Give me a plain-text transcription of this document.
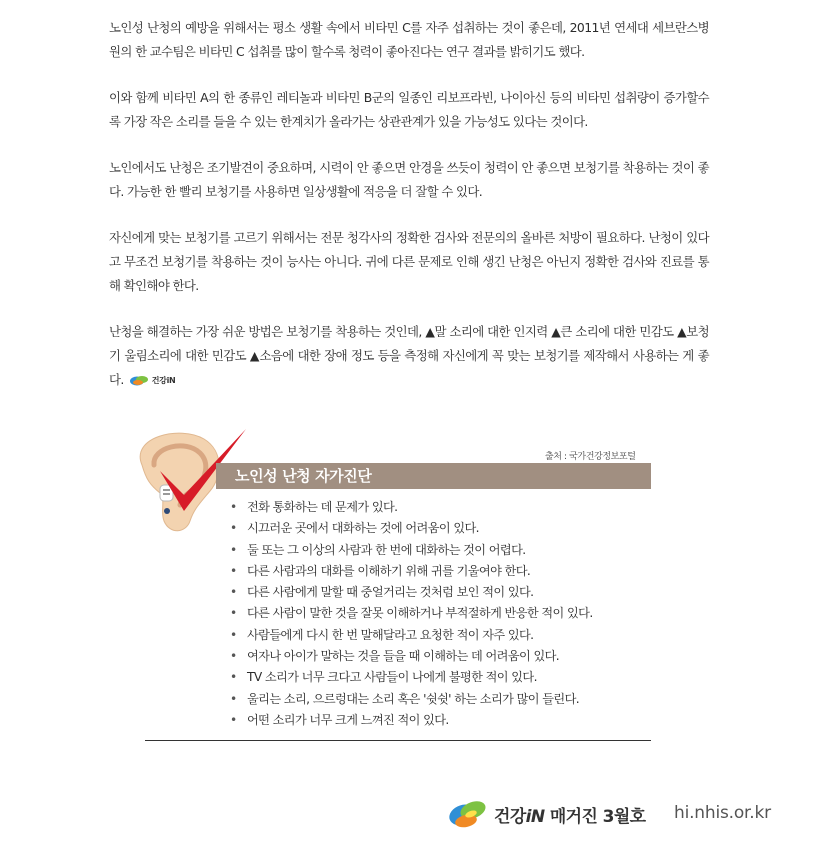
노인성 난청의 예방을 위해서는 평소 생활 속에서 비타민 C를 자주 섭취하는 것이 좋은데, 2011년 연세대 세브란스병원의 한 교수팀은 비타민 C 섭취를 많이 할수록 청력이 좋아진다는 연구 결과를 밝히기도 했다.

이와 함께 비타민 A의 한 종류인 레티놀과 비타민 B군의 일종인 리보프라빈, 나이아신 등의 비타민 섭취량이 증가할수록 가장 작은 소리를 들을 수 있는 한계치가 올라가는 상관관계가 있을 가능성도 있다는 것이다.

노인에서도 난청은 조기발견이 중요하며, 시력이 안 좋으면 안경을 쓰듯이 청력이 안 좋으면 보청기를 착용하는 것이 좋다. 가능한 한 빨리 보청기를 사용하면 일상생활에 적응을 더 잘할 수 있다.

자신에게 맞는 보청기를 고르기 위해서는 전문 청각사의 정확한 검사와 전문의의 올바른 처방이 필요하다. 난청이 있다고 무조건 보청기를 착용하는 것이 능사는 아니다. 귀에 다른 문제로 인해 생긴 난청은 아닌지 정확한 검사와 진료를 통해 확인해야 한다.

난청을 해결하는 가장 쉬운 방법은 보청기를 착용하는 것인데, ▲말 소리에 대한 인지력 ▲큰 소리에 대한 민감도 ▲보청기 울림소리에 대한 민감도 ▲소음에 대한 장애 정도 등을 측정해 자신에게 꼭 맞는 보청기를 제작해서 사용하는 게 좋다.	건강iN

출처 : 국가건강정보포털
노인성 난청 자가진단
• 전화 통화하는 데 문제가 있다.
• 시끄러운 곳에서 대화하는 것에 어려움이 있다.
• 둘 또는 그 이상의 사람과 한 번에 대화하는 것이 어렵다.
• 다른 사람과의 대화를 이해하기 위해 귀를 기울여야 한다.
• 다른 사람에게 말할 때 중얼거리는 것처럼 보인 적이 있다.
• 다른 사람이 말한 것을 잘못 이해하거나 부적절하게 반응한 적이 있다.
• 사람들에게 다시 한 번 말해달라고 요청한 적이 자주 있다.
• 여자나 아이가 말하는 것을 들을 때 이해하는 데 어려움이 있다.
• TV 소리가 너무 크다고 사람들이 나에게 불평한 적이 있다.
• 울리는 소리, 으르렁대는 소리 혹은 '쉿쉿' 하는 소리가 많이 들린다.
• 어떤 소리가 너무 크게 느껴진 적이 있다.
건강iN 매거진 3월호 hi.nhis.or.kr
